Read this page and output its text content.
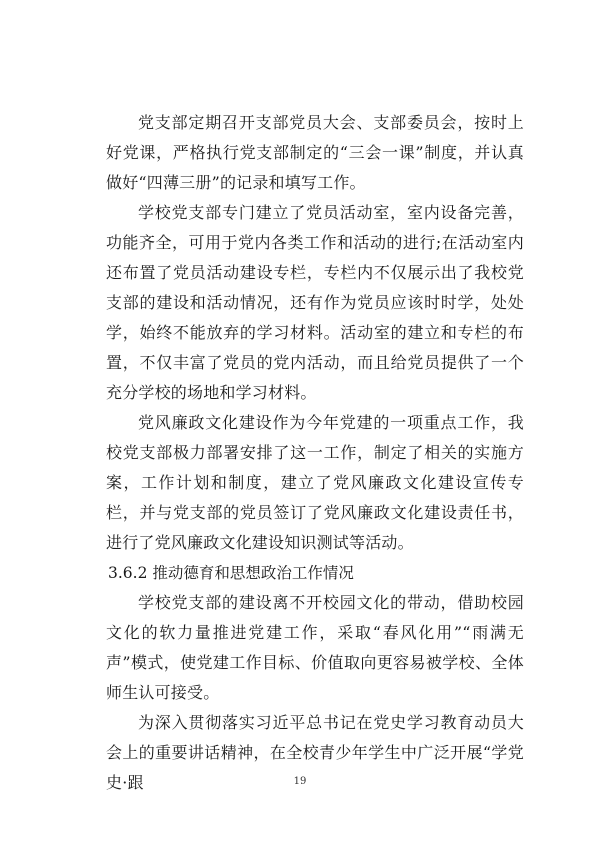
党支部定期召开支部党员大会、支部委员会，按时上好党课，严格执行党支部制定的“三会一课”制度，并认真做好“四薄三册”的记录和填写工作。

学校党支部专门建立了党员活动室，室内设备完善，功能齐全，可用于党内各类工作和活动的进行;在活动室内还布置了党员活动建设专栏，专栏内不仅展示出了我校党支部的建设和活动情况，还有作为党员应该时时学，处处学，始终不能放弃的学习材料。活动室的建立和专栏的布置，不仅丰富了党员的党内活动，而且给党员提供了一个充分学校的场地和学习材料。

党风廉政文化建设作为今年党建的一项重点工作，我校党支部极力部署安排了这一工作，制定了相关的实施方案，工作计划和制度，建立了党风廉政文化建设宣传专栏，并与党支部的党员签订了党风廉政文化建设责任书，进行了党风廉政文化建设知识测试等活动。

3.6.2 推动德育和思想政治工作情况

学校党支部的建设离不开校园文化的带动，借助校园文化的软力量推进党建工作，采取“春风化用”“雨满无声”模式，使党建工作目标、价值取向更容易被学校、全体师生认可接受。

为深入贯彻落实习近平总书记在党史学习教育动员大会上的重要讲话精神，在全校青少年学生中广泛开展“学党史·跟	19
